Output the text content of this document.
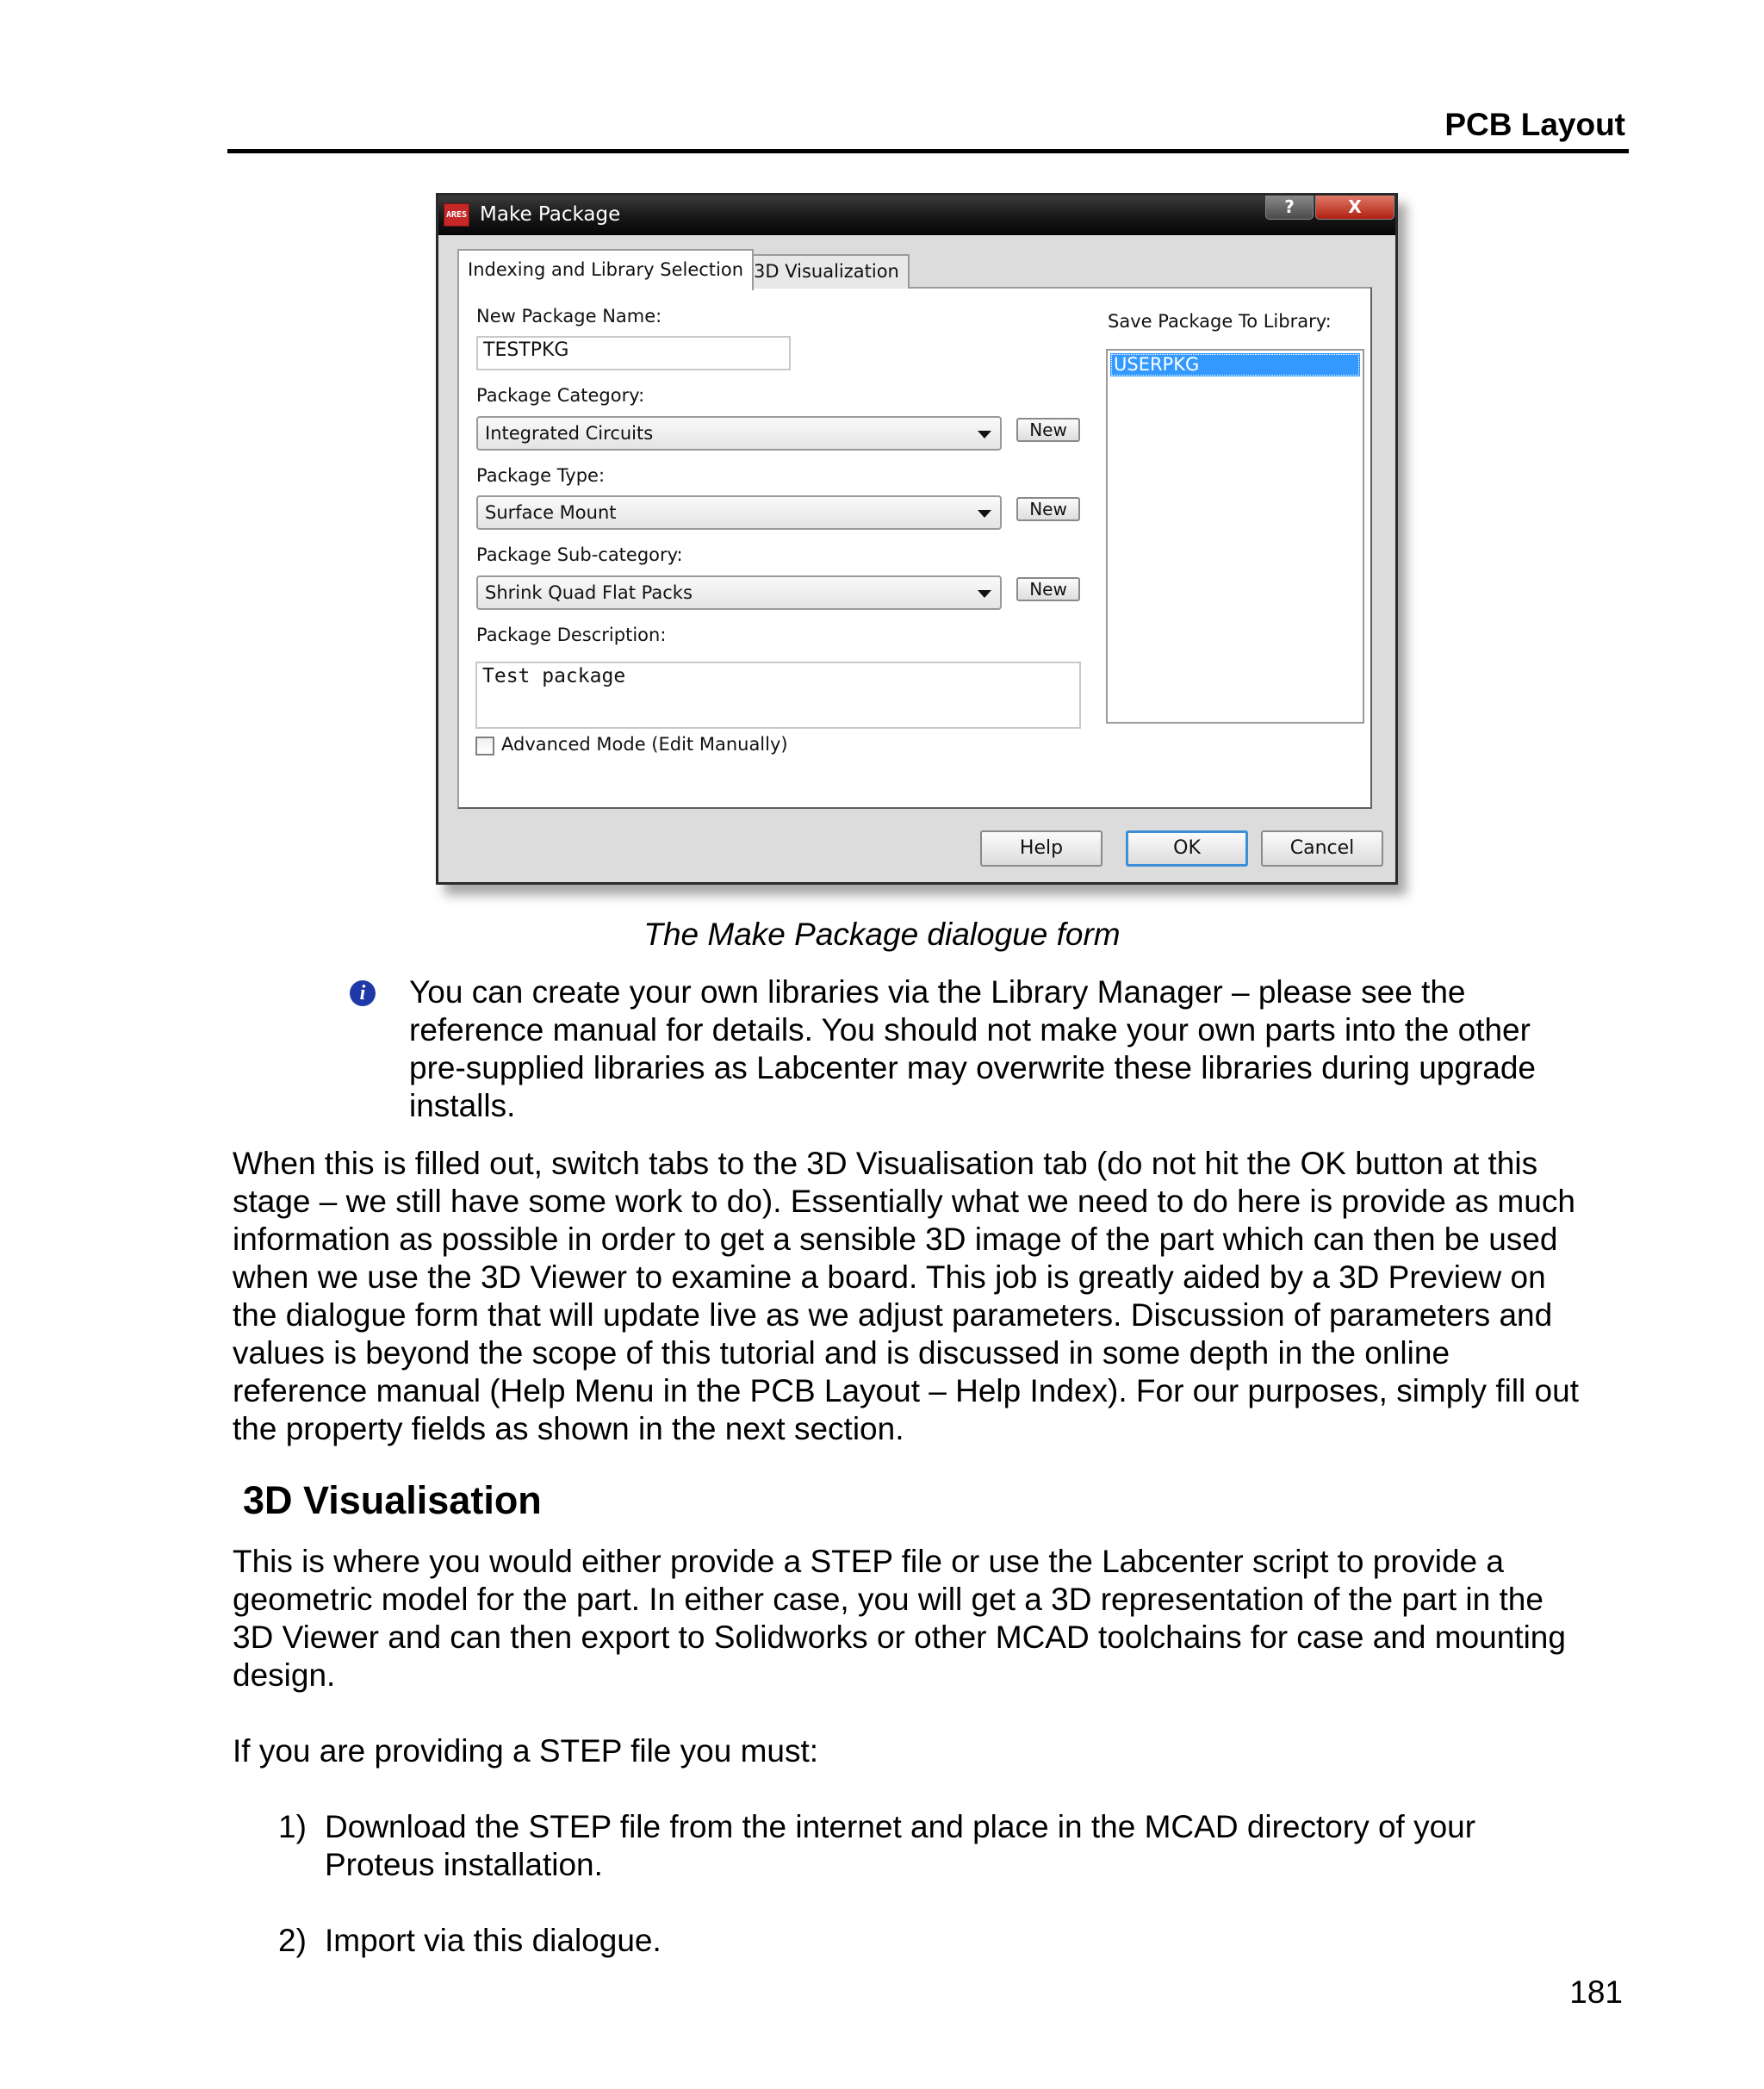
PCB Layout
ARES Make Package	?	X
New Package Name:
TESTPKG
Package Category:
Integrated Circuits	New
Package Type:
Surface Mount	New
Package Sub-category:
Shrink Quad Flat Packs	New
Package Description:
Save Package To Library:
Test package
USERPKG
Advanced Mode (Edit Manually)
Indexing and Library Selection 3D Visualization
Help	OK	Cancel
The Make Package dialogue form
i	You can create your own libraries via the Library Manager – please see the
reference manual for details. You should not make your own parts into the other
pre-supplied libraries as Labcenter may overwrite these libraries during upgrade
installs.
When this is filled out, switch tabs to the 3D Visualisation tab (do not hit the OK button at this
stage – we still have some work to do). Essentially what we need to do here is provide as much
information as possible in order to get a sensible 3D image of the part which can then be used
when we use the 3D Viewer to examine a board. This job is greatly aided by a 3D Preview on
the dialogue form that will update live as we adjust parameters. Discussion of parameters and
values is beyond the scope of this tutorial and is discussed in some depth in the online
reference manual (Help Menu in the PCB Layout – Help Index). For our purposes, simply fill out
the property fields as shown in the next section.
3D Visualisation
This is where you would either provide a STEP file or use the Labcenter script to provide a
geometric model for the part. In either case, you will get a 3D representation of the part in the
3D Viewer and can then export to Solidworks or other MCAD toolchains for case and mounting
design.
If you are providing a STEP file you must:
1) Download the STEP file from the internet and place in the MCAD directory of your
Proteus installation.
2) Import via this dialogue.
181
